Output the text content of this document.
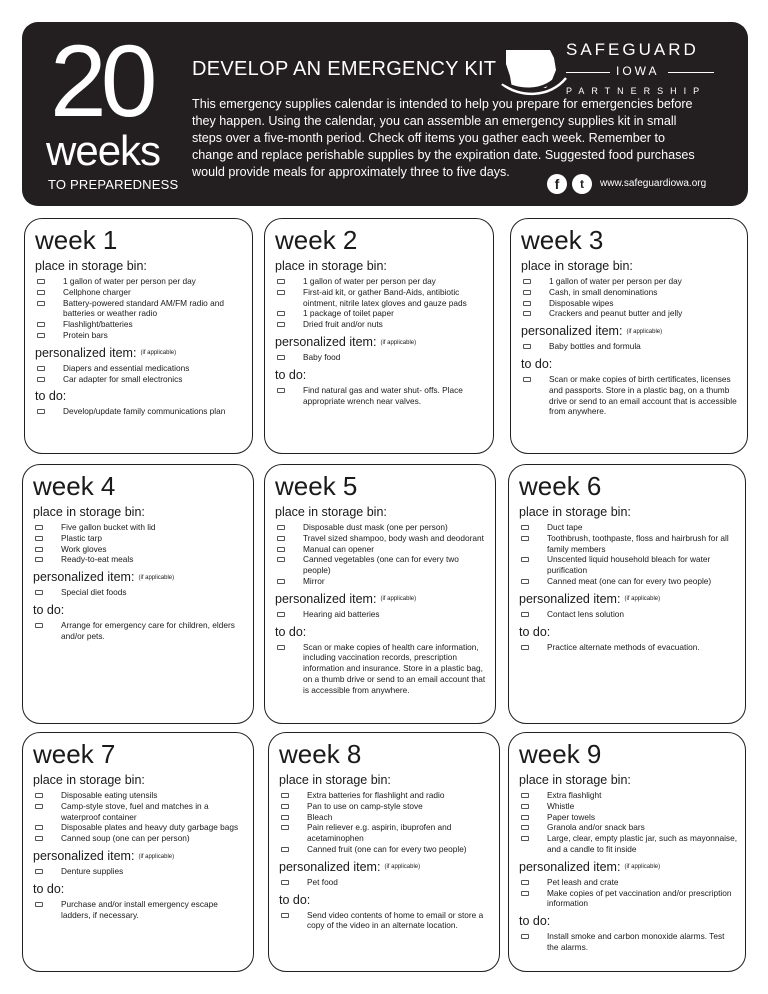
20
weeks
TO PREPAREDNESS
DEVELOP AN EMERGENCY KIT
This emergency supplies calendar is intended to help you prepare for emergencies before they happen. Using the calendar, you can assemble an emergency supplies kit in small steps over a five-month period. Check off items you gather each week. Remember to change and replace perishable supplies by the expiration date. Suggested food purchases would provide meals for approximately three to five days.
SAFEGUARD
IOWA
PARTNERSHIP
f	t	www.safeguardiowa.org
week 1
place in storage bin:
1 gallon of water per person per day
Cellphone charger
Battery-powered standard AM/FM radio and batteries or weather radio
Flashlight/batteries
Protein bars
personalized item: (if applicable)
Diapers and essential medications
Car adapter for small electronics
to do:
Develop/update family communications plan
week 2
place in storage bin:
1 gallon of water per person per day
First-aid kit, or gather Band-Aids, antibiotic ointment, nitrile latex gloves and gauze pads
1 package of toilet paper
Dried fruit and/or nuts
personalized item: (if applicable)
Baby food
to do:
Find natural gas and water shut- offs. Place appropriate wrench near valves.
week 3
place in storage bin:
1 gallon of water per person per day
Cash, in small denominations
Disposable wipes
Crackers and peanut butter and jelly
personalized item: (if applicable)
Baby bottles and formula
to do:
Scan or make copies of birth certificates, licenses and passports. Store in a plastic bag, on a thumb drive or send to an email account that is accessible from anywhere.
week 4
place in storage bin:
Five gallon bucket with lid
Plastic tarp
Work gloves
Ready-to-eat meals
personalized item: (if applicable)
Special diet foods
to do:
Arrange for emergency care for children, elders and/or pets.
week 5
place in storage bin:
Disposable dust mask (one per person)
Travel sized shampoo, body wash and deodorant
Manual can opener
Canned vegetables (one can for every two people)
Mirror
personalized item: (if applicable)
Hearing aid batteries
to do:
Scan or make copies of health care information, including vaccination records, prescription information and insurance. Store in a plastic bag, on a thumb drive or send to an email account that is accessible from anywhere.
week 6
place in storage bin:
Duct tape
Toothbrush, toothpaste, floss and hairbrush for all family members
Unscented liquid household bleach for water purification
Canned meat (one can for every two people)
personalized item: (if applicable)
Contact lens solution
to do:
Practice alternate methods of evacuation.
week 7
place in storage bin:
Disposable eating utensils
Camp-style stove, fuel and matches in a waterproof container
Disposable plates and heavy duty garbage bags
Canned soup (one can per person)
personalized item: (if applicable)
Denture supplies
to do:
Purchase and/or install emergency escape ladders, if necessary.
week 8
place in storage bin:
Extra batteries for flashlight and radio
Pan to use on camp-style stove
Bleach
Pain reliever e.g. aspirin, ibuprofen and acetaminophen
Canned fruit (one can for every two people)
personalized item: (if applicable)
Pet food
to do:
Send video contents of home to email or store a copy of the video in an alternate location.
week 9
place in storage bin:
Extra flashlight
Whistle
Paper towels
Granola and/or snack bars
Large, clear, empty plastic jar, such as mayonnaise, and a candle to fit inside
personalized item: (if applicable)
Pet leash and crate
Make copies of pet vaccination and/or prescription information
to do:
Install smoke and carbon monoxide alarms. Test the alarms.
